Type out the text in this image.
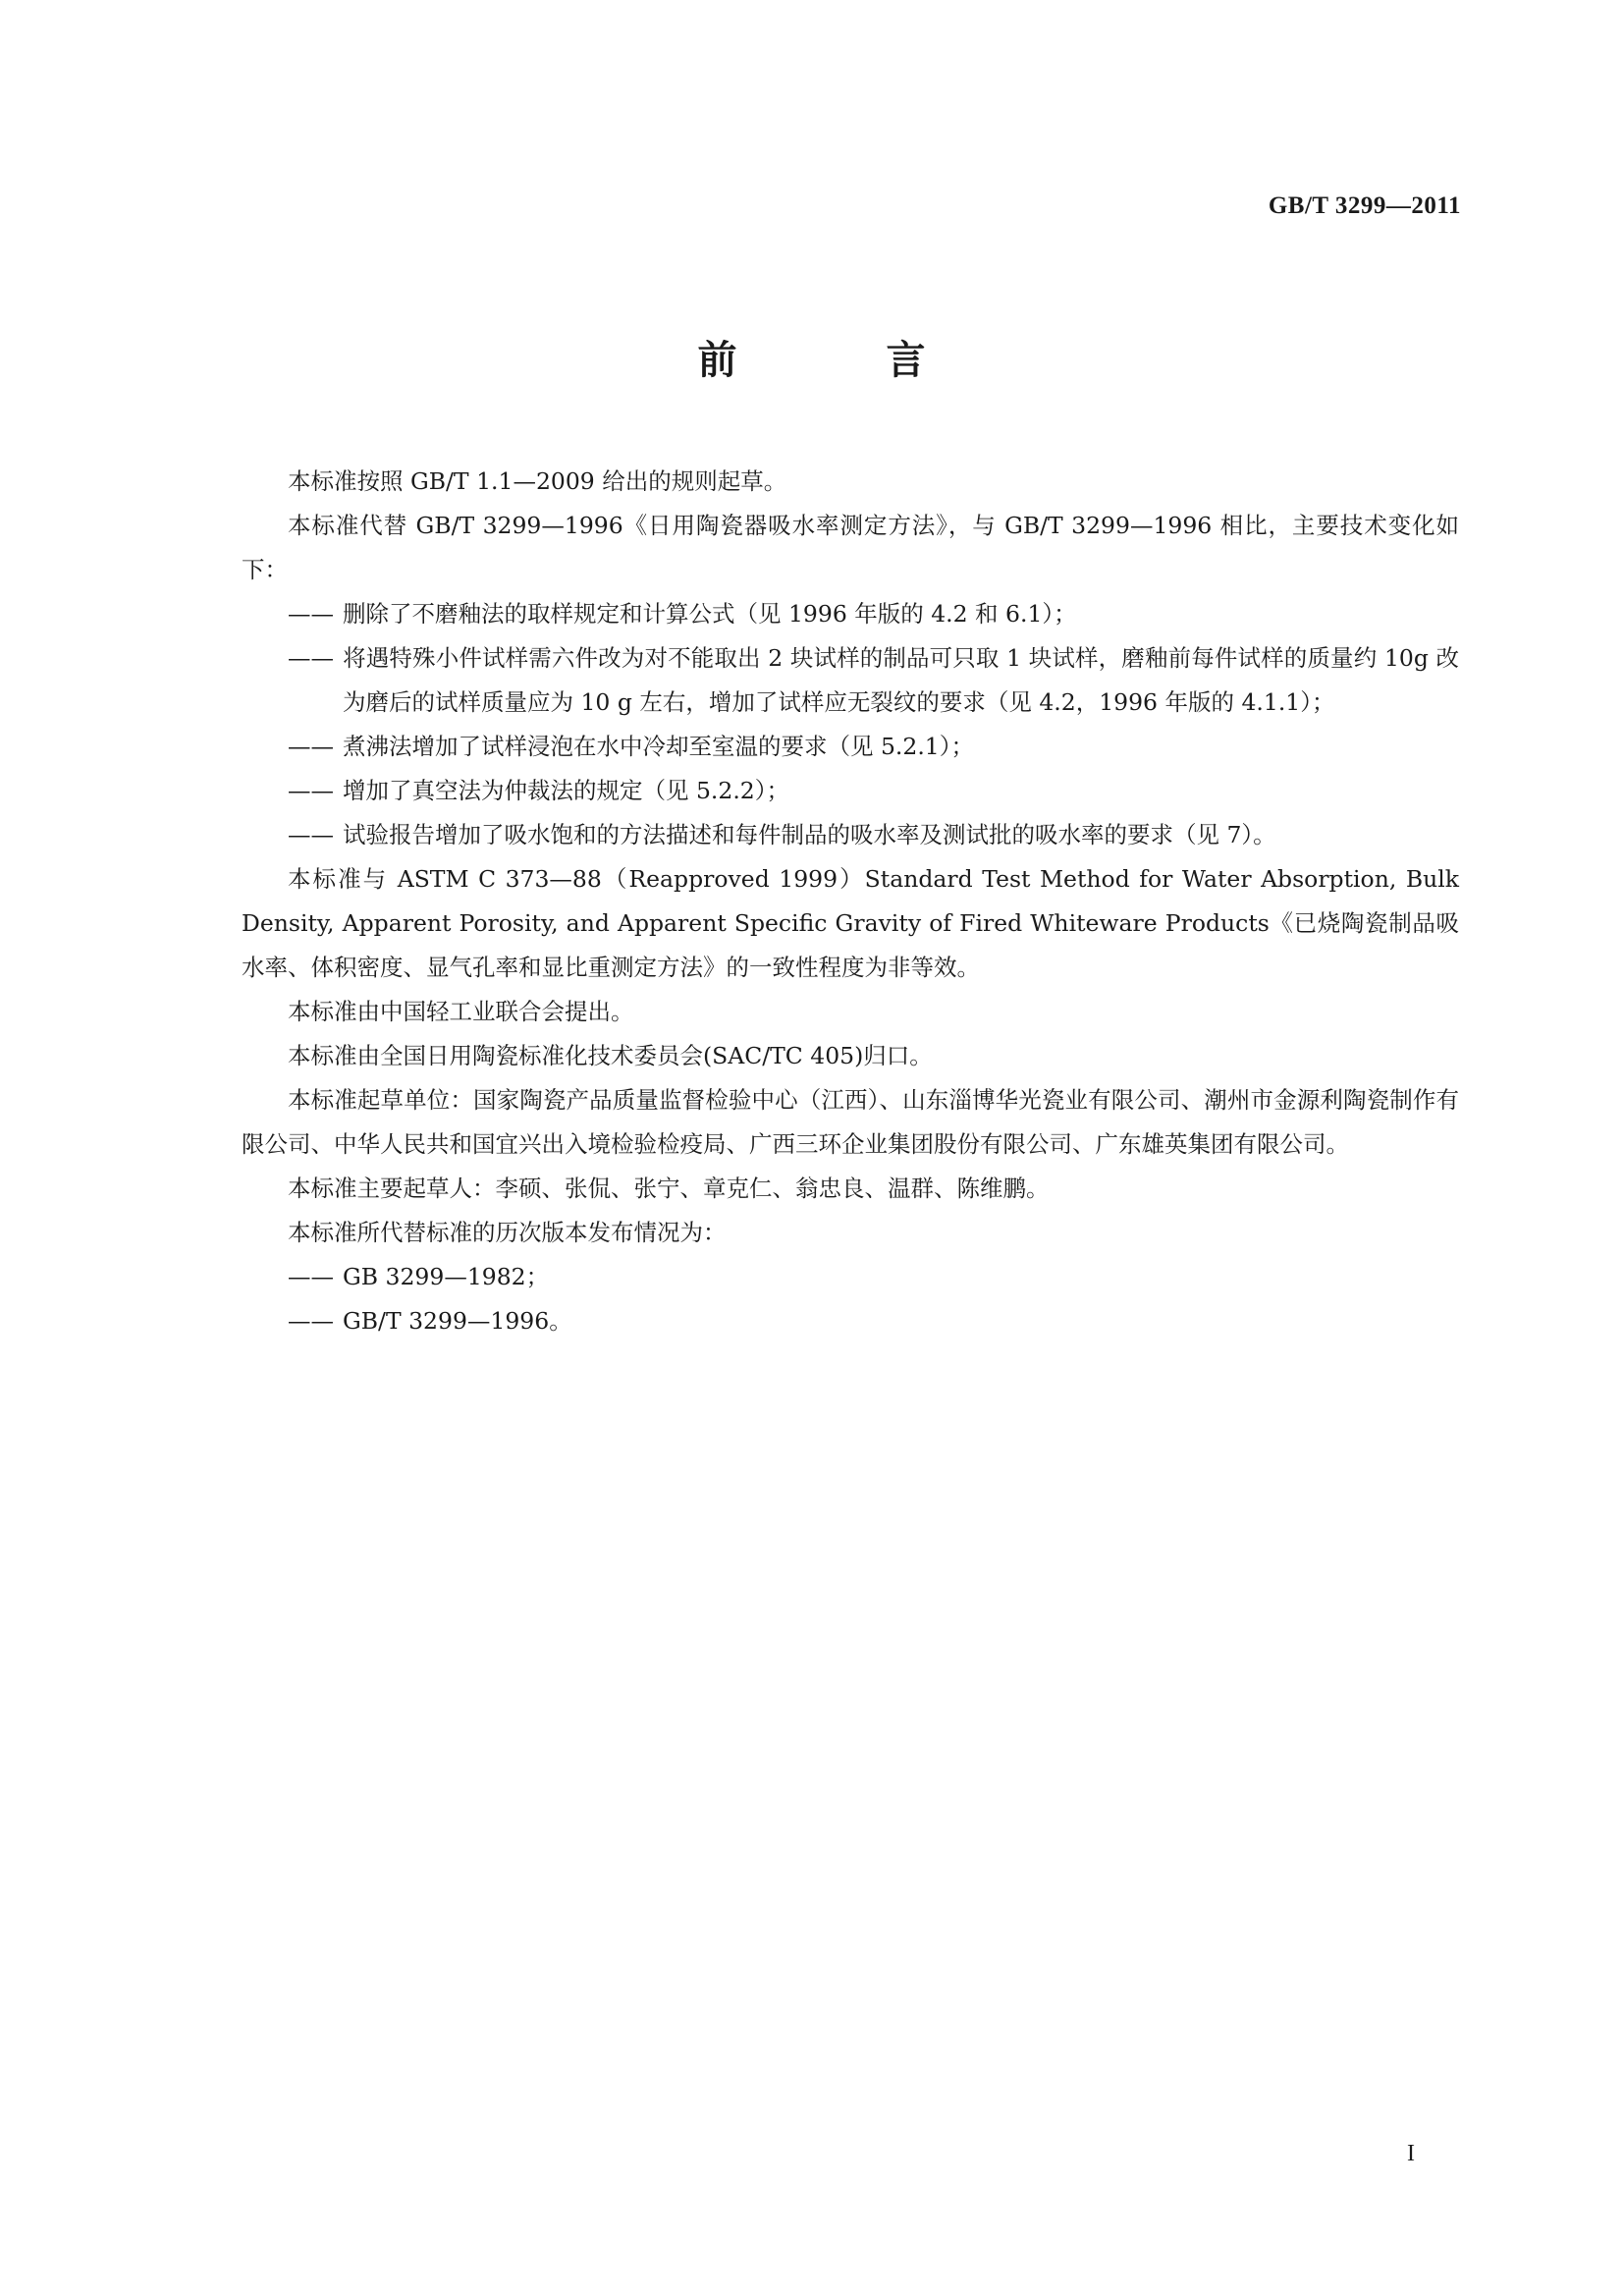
GB/T 3299—2011
前　言

本标准按照 GB/T 1.1—2009 给出的规则起草。

本标准代替 GB/T 3299—1996《日用陶瓷器吸水率测定方法》，与 GB/T 3299—1996 相比，主要技术变化如下：

—— 删除了不磨釉法的取样规定和计算公式（见 1996 年版的 4.2 和 6.1）；

—— 将遇特殊小件试样需六件改为对不能取出 2 块试样的制品可只取 1 块试样，磨釉前每件试样的质量约 10g 改为磨后的试样质量应为 10 g 左右，增加了试样应无裂纹的要求（见 4.2，1996 年版的 4.1.1）；

—— 煮沸法增加了试样浸泡在水中冷却至室温的要求（见 5.2.1）；

—— 增加了真空法为仲裁法的规定（见 5.2.2）；

—— 试验报告增加了吸水饱和的方法描述和每件制品的吸水率及测试批的吸水率的要求（见 7）。

本标准与 ASTM C 373—88（Reapproved 1999）Standard Test Method for Water Absorption, Bulk Density, Apparent Porosity, and Apparent Specific Gravity of Fired Whiteware Products《已烧陶瓷制品吸水率、体积密度、显气孔率和显比重测定方法》的一致性程度为非等效。

本标准由中国轻工业联合会提出。

本标准由全国日用陶瓷标准化技术委员会(SAC/TC 405)归口。

本标准起草单位：国家陶瓷产品质量监督检验中心（江西）、山东淄博华光瓷业有限公司、潮州市金源利陶瓷制作有限公司、中华人民共和国宜兴出入境检验检疫局、广西三环企业集团股份有限公司、广东雄英集团有限公司。

本标准主要起草人：李硕、张侃、张宁、章克仁、翁忠良、温群、陈维鹏。

本标准所代替标准的历次版本发布情况为：

—— GB 3299—1982；

—— GB/T 3299—1996。

I
